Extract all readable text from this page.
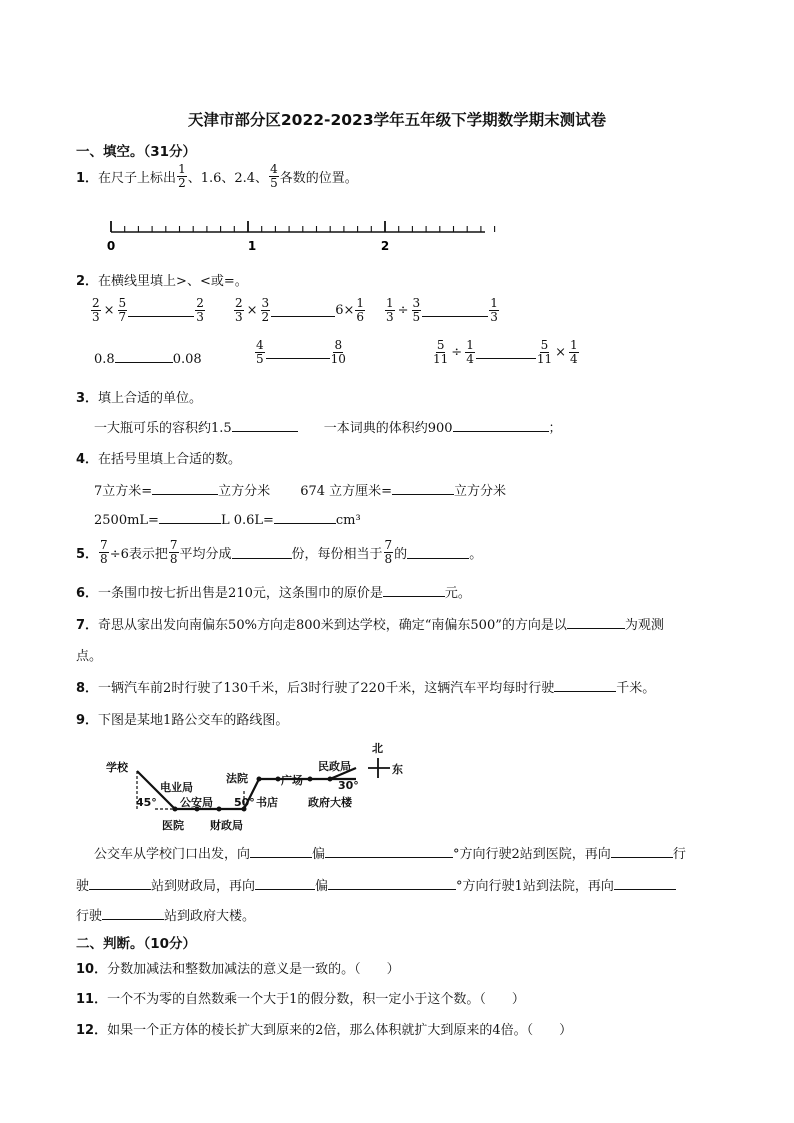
天津市部分区2022-2023学年五年级下学期数学期末测试卷
一、填空。（31分）
1．在尺子上标出 $\frac{1}{2}$ 、1.6、2.4、 $\frac{4}{5}$ 各数的位置。
0	1	2
2．在横线里填上>、<或=。
$\frac{2}{3} \times \frac{5}{7}$	$\frac{2}{3} \frac{2}{3} \times \frac{3}{2}$	$6\times \frac{1}{6} \frac{1}{3} \div \frac{3}{5}$	$\frac{1}{3}$
0.8	0.08	$\frac{4}{5}$	$\frac{8}{10}$	$\frac{5}{11} \div \frac{1}{4}$	$\frac{5}{11} \times \frac{1}{4}$
3．填上合适的单位。
一大瓶可乐的容积约1.5	一本词典的体积约900	；
4．在括号里填上合适的数。
7立方米=	立方分米 674 立方厘米=	立方分米
2500mL=	L 0.6L=	cm³
5． $\frac{7}{8} \div 6$表示把 $\frac{7}{8}$ 平均分成	份，每份相当于 $\frac{7}{8}$ 的	。
6．一条围巾按七折出售是210元，这条围巾的原价是	元。
7．奇思从家出发向南偏东50%方向走800米到达学校，确定“南偏东500”的方向是以	为观测
点。
8．一辆汽车前2时行驶了130千米，后3时行驶了220千米，这辆汽车平均每时行驶	千米。
9．下图是某地1路公交车的路线图。
学校
电业局
公安局
医院 财政局
法院
书店
广场
民政局
政府大楼
北
东
45°	50°
30°
公交车从学校门口出发，向	偏	°方向行驶2站到医院，再向	行
驶	站到财政局，再向	偏	°方向行驶1站到法院，再向
行驶	站到政府大楼。
二、判断。（10分）
10．分数加减法和整数加减法的意义是一致的。（　　）
11．一个不为零的自然数乘一个大于1的假分数，积一定小于这个数。（　　）
12．如果一个正方体的棱长扩大到原来的2倍，那么体积就扩大到原来的4倍。（　　）
